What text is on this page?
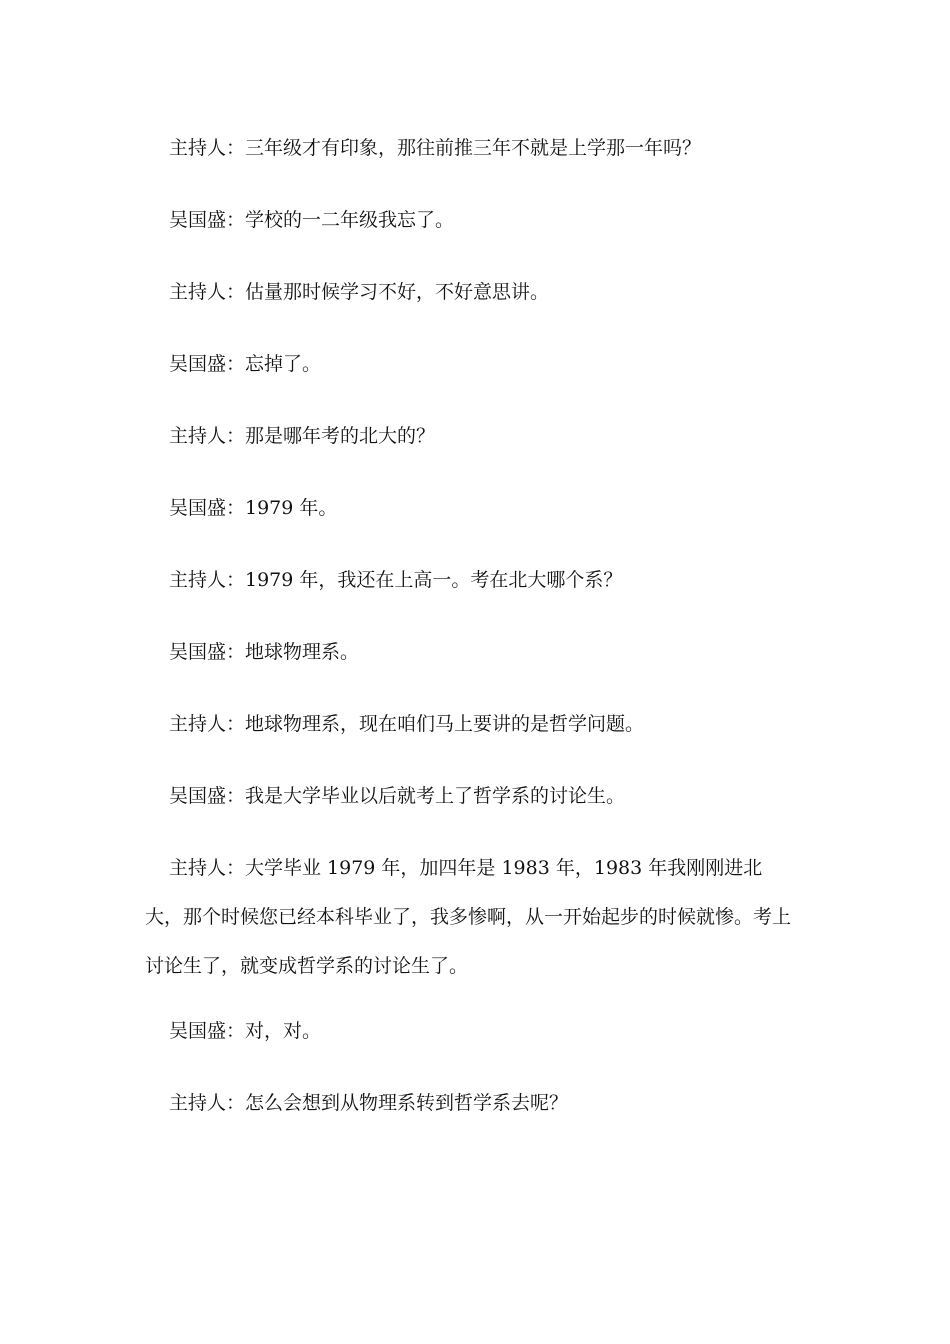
主持人：三年级才有印象，那往前推三年不就是上学那一年吗？

吴国盛：学校的一二年级我忘了。

主持人：估量那时候学习不好，不好意思讲。

吴国盛：忘掉了。

主持人：那是哪年考的北大的？

吴国盛：1979 年。

主持人：1979 年，我还在上高一。考在北大哪个系？

吴国盛：地球物理系。

主持人：地球物理系，现在咱们马上要讲的是哲学问题。

吴国盛：我是大学毕业以后就考上了哲学系的讨论生。

主持人：大学毕业 1979 年，加四年是 1983 年，1983 年我刚刚进北大，那个时候您已经本科毕业了，我多惨啊，从一开始起步的时候就惨。考上讨论生了，就变成哲学系的讨论生了。

吴国盛：对，对。

主持人：怎么会想到从物理系转到哲学系去呢？
